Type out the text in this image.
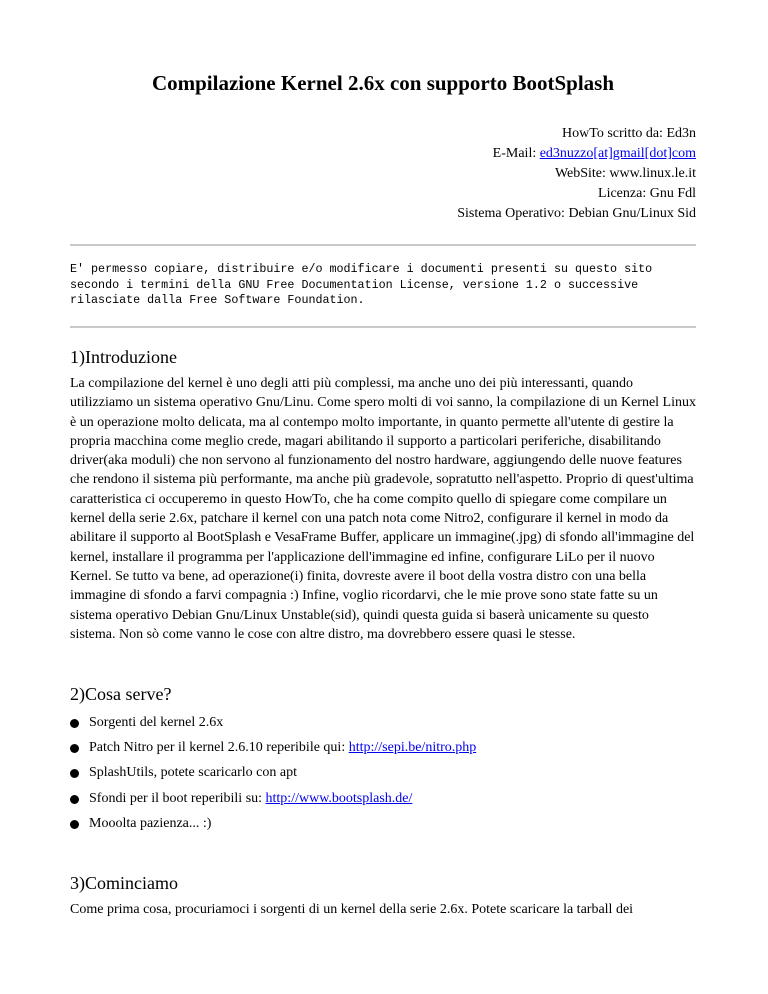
Compilazione Kernel 2.6x con supporto BootSplash
HowTo scritto da: Ed3n
E-Mail: ed3nuzzo[at]gmail[dot]com
WebSite: www.linux.le.it
Licenza: Gnu Fdl
Sistema Operativo: Debian Gnu/Linux Sid
E' permesso copiare, distribuire e/o modificare i documenti presenti su questo sito
secondo i termini della GNU Free Documentation License, versione 1.2 o successive
rilasciate dalla Free Software Foundation.
1)Introduzione

La compilazione del kernel è uno degli atti più complessi, ma anche uno dei più interessanti, quando utilizziamo un sistema operativo Gnu/Linu. Come spero molti di voi sanno, la compilazione di un Kernel Linux è un operazione molto delicata, ma al contempo molto importante, in quanto permette all'utente di gestire la propria macchina come meglio crede, magari abilitando il supporto a particolari periferiche, disabilitando driver(aka moduli) che non servono al funzionamento del nostro hardware, aggiungendo delle nuove features che rendono il sistema più performante, ma anche più gradevole, sopratutto nell'aspetto. Proprio di quest'ultima caratteristica ci occuperemo in questo HowTo, che ha come compito quello di spiegare come compilare un kernel della serie 2.6x, patchare il kernel con una patch nota come Nitro2, configurare il kernel in modo da abilitare il supporto al BootSplash e VesaFrame Buffer, applicare un immagine(.jpg) di sfondo all'immagine del kernel, installare il programma per l'applicazione dell'immagine ed infine, configurare LiLo per il nuovo Kernel. Se tutto va bene, ad operazione(i) finita, dovreste avere il boot della vostra distro con una bella immagine di sfondo a farvi compagnia :) Infine, voglio ricordarvi, che le mie prove sono state fatte su un sistema operativo Debian Gnu/Linux Unstable(sid), quindi questa guida si baserà unicamente su questo sistema. Non sò come vanno le cose con altre distro, ma dovrebbero essere quasi le stesse.

2)Cosa serve?
Sorgenti del kernel 2.6x
Patch Nitro per il kernel 2.6.10 reperibile qui: http://sepi.be/nitro.php
SplashUtils, potete scaricarlo con apt
Sfondi per il boot reperibili su: http://www.bootsplash.de/
Mooolta pazienza... :)
3)Cominciamo

Come prima cosa, procuriamoci i sorgenti di un kernel della serie 2.6x. Potete scaricare la tarball dei
